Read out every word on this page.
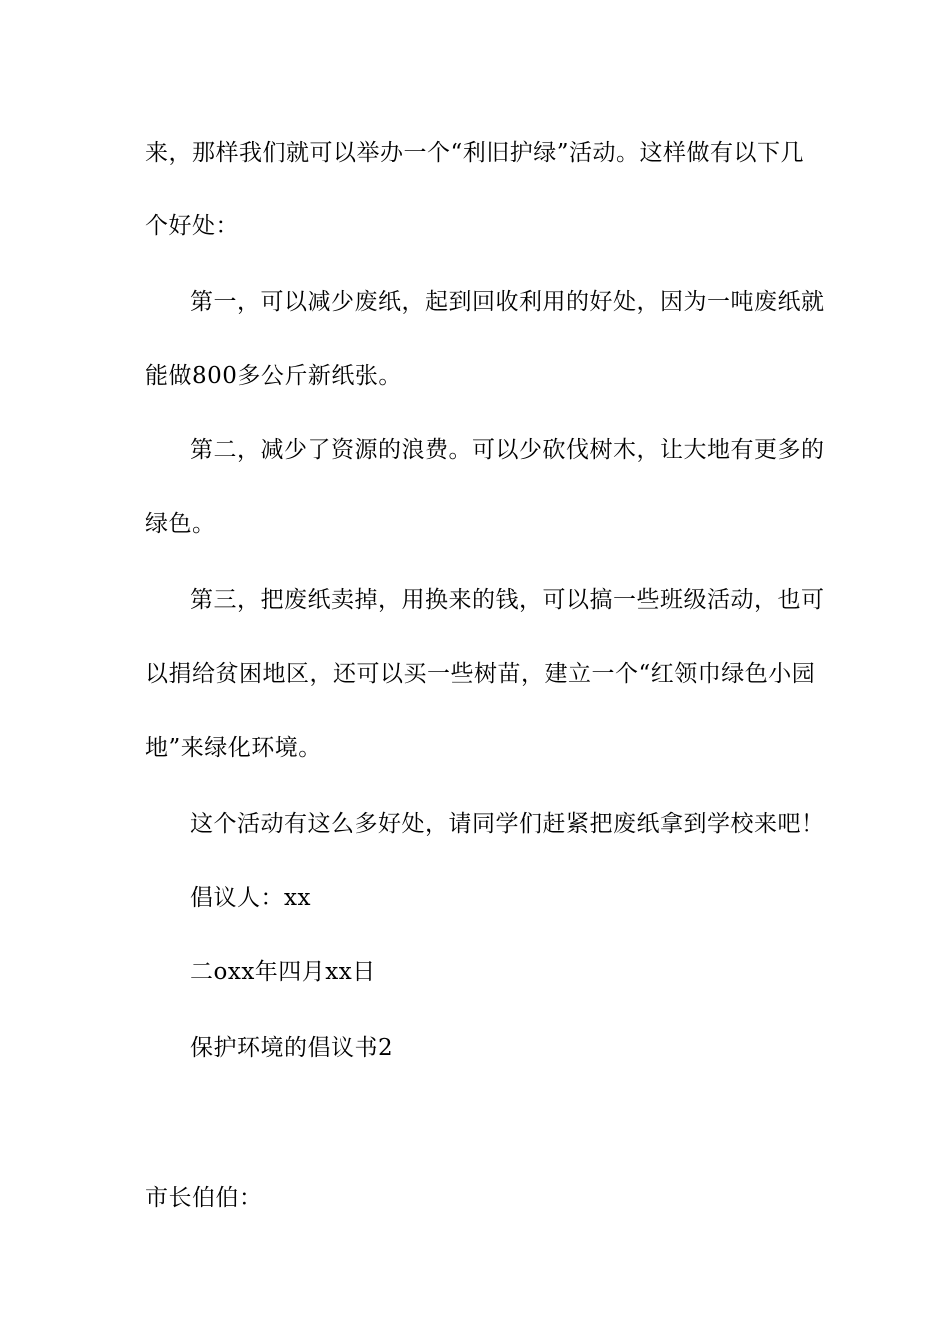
来，那样我们就可以举办一个“利旧护绿”活动。这样做有以下几
个好处：
第一，可以减少废纸，起到回收利用的好处，因为一吨废纸就
能做800多公斤新纸张。
第二，减少了资源的浪费。可以少砍伐树木，让大地有更多的
绿色。
第三，把废纸卖掉，用换来的钱，可以搞一些班级活动，也可
以捐给贫困地区，还可以买一些树苗，建立一个“红领巾绿色小园
地”来绿化环境。
这个活动有这么多好处，请同学们赶紧把废纸拿到学校来吧！
倡议人：xx
二oxx年四月xx日
保护环境的倡议书2
市长伯伯：
